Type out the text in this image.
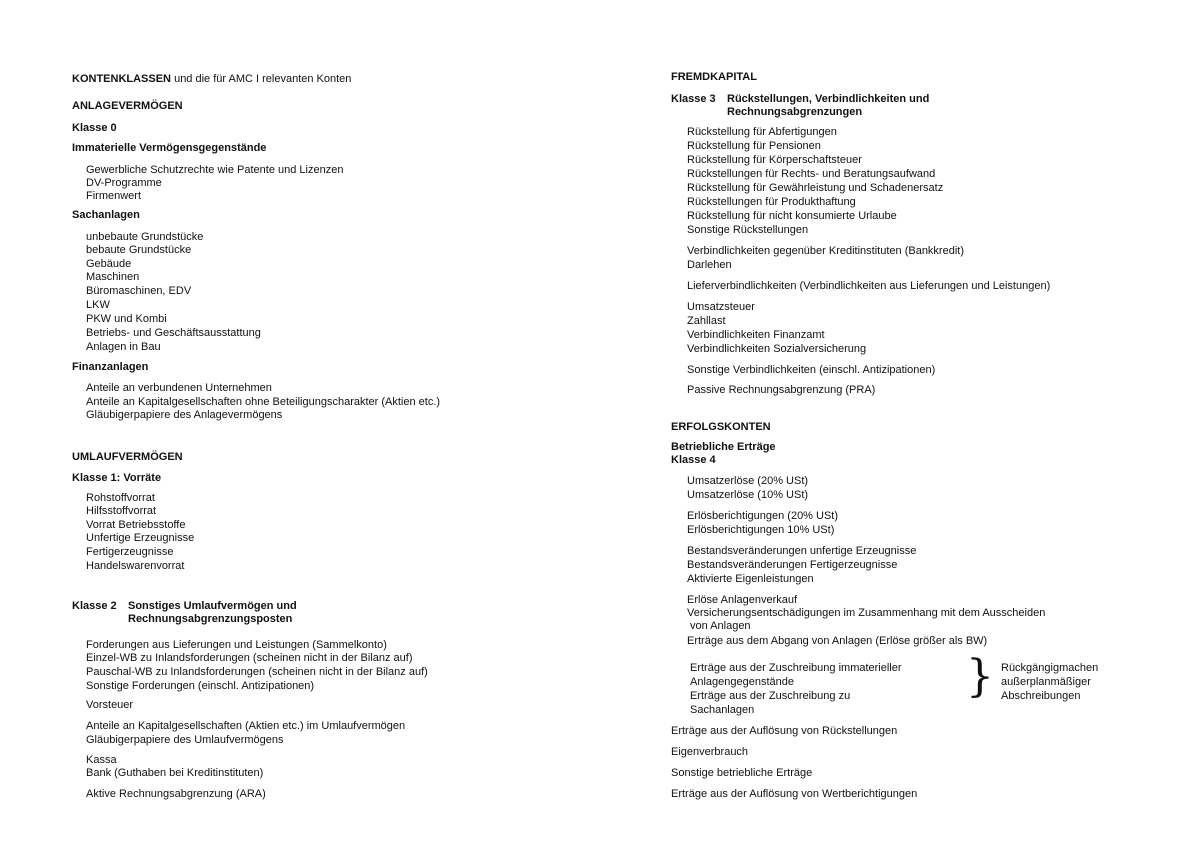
KONTENKLASSEN und die für AMC I relevanten Konten
ANLAGEVERMÖGEN
Klasse 0
Immaterielle Vermögensgegenstände
Gewerbliche Schutzrechte wie Patente und Lizenzen
DV-Programme
Firmenwert
Sachanlagen
unbebaute Grundstücke
bebaute Grundstücke
Gebäude
Maschinen
Büromaschinen, EDV
LKW
PKW und Kombi
Betriebs- und Geschäftsausstattung
Anlagen in Bau
Finanzanlagen
Anteile an verbundenen Unternehmen
Anteile an Kapitalgesellschaften ohne Beteiligungscharakter (Aktien etc.)
Gläubigerpapiere des Anlagevermögens
UMLAUFVERMÖGEN
Klasse 1: Vorräte
Rohstoffvorrat
Hilfsstoffvorrat
Vorrat Betriebsstoffe
Unfertige Erzeugnisse
Fertigerzeugnisse
Handelswarenvorrat
Klasse 2 Sonstiges Umlaufvermögen und
Rechnungsabgrenzungsposten
Forderungen aus Lieferungen und Leistungen (Sammelkonto)
Einzel-WB zu Inlandsforderungen (scheinen nicht in der Bilanz auf)
Pauschal-WB zu Inlandsforderungen (scheinen nicht in der Bilanz auf)
Sonstige Forderungen (einschl. Antizipationen)
Vorsteuer
Anteile an Kapitalgesellschaften (Aktien etc.) im Umlaufvermögen
Gläubigerpapiere des Umlaufvermögens
Kassa
Bank (Guthaben bei Kreditinstituten)
Aktive Rechnungsabgrenzung (ARA)
FREMDKAPITAL
Klasse 3 Rückstellungen, Verbindlichkeiten und
Rechnungsabgrenzungen
Rückstellung für Abfertigungen
Rückstellung für Pensionen
Rückstellung für Körperschaftsteuer
Rückstellungen für Rechts- und Beratungsaufwand
Rückstellung für Gewährleistung und Schadenersatz
Rückstellungen für Produkthaftung
Rückstellung für nicht konsumierte Urlaube
Sonstige Rückstellungen
Verbindlichkeiten gegenüber Kreditinstituten (Bankkredit)
Darlehen
Lieferverbindlichkeiten (Verbindlichkeiten aus Lieferungen und Leistungen)
Umsatzsteuer
Zahllast
Verbindlichkeiten Finanzamt
Verbindlichkeiten Sozialversicherung
Sonstige Verbindlichkeiten (einschl. Antizipationen)
Passive Rechnungsabgrenzung (PRA)
ERFOLGSKONTEN
Betriebliche Erträge
Klasse 4
Umsatzerlöse (20% USt)
Umsatzerlöse (10% USt)
Erlösberichtigungen (20% USt)
Erlösberichtigungen 10% USt)
Bestandsveränderungen unfertige Erzeugnisse
Bestandsveränderungen Fertigerzeugnisse
Aktivierte Eigenleistungen
Erlöse Anlagenverkauf
Versicherungsentschädigungen im Zusammenhang mit dem Ausscheiden
von Anlagen
Erträge aus dem Abgang von Anlagen (Erlöse größer als BW)
Erträge aus der Zuschreibung immaterieller
Anlagengegenstände
Erträge aus der Zuschreibung zu
Sachanlagen
} Rückgängigmachen
außerplanmäßiger
Abschreibungen
Erträge aus der Auflösung von Rückstellungen
Eigenverbrauch
Sonstige betriebliche Erträge
Erträge aus der Auflösung von Wertberichtigungen
